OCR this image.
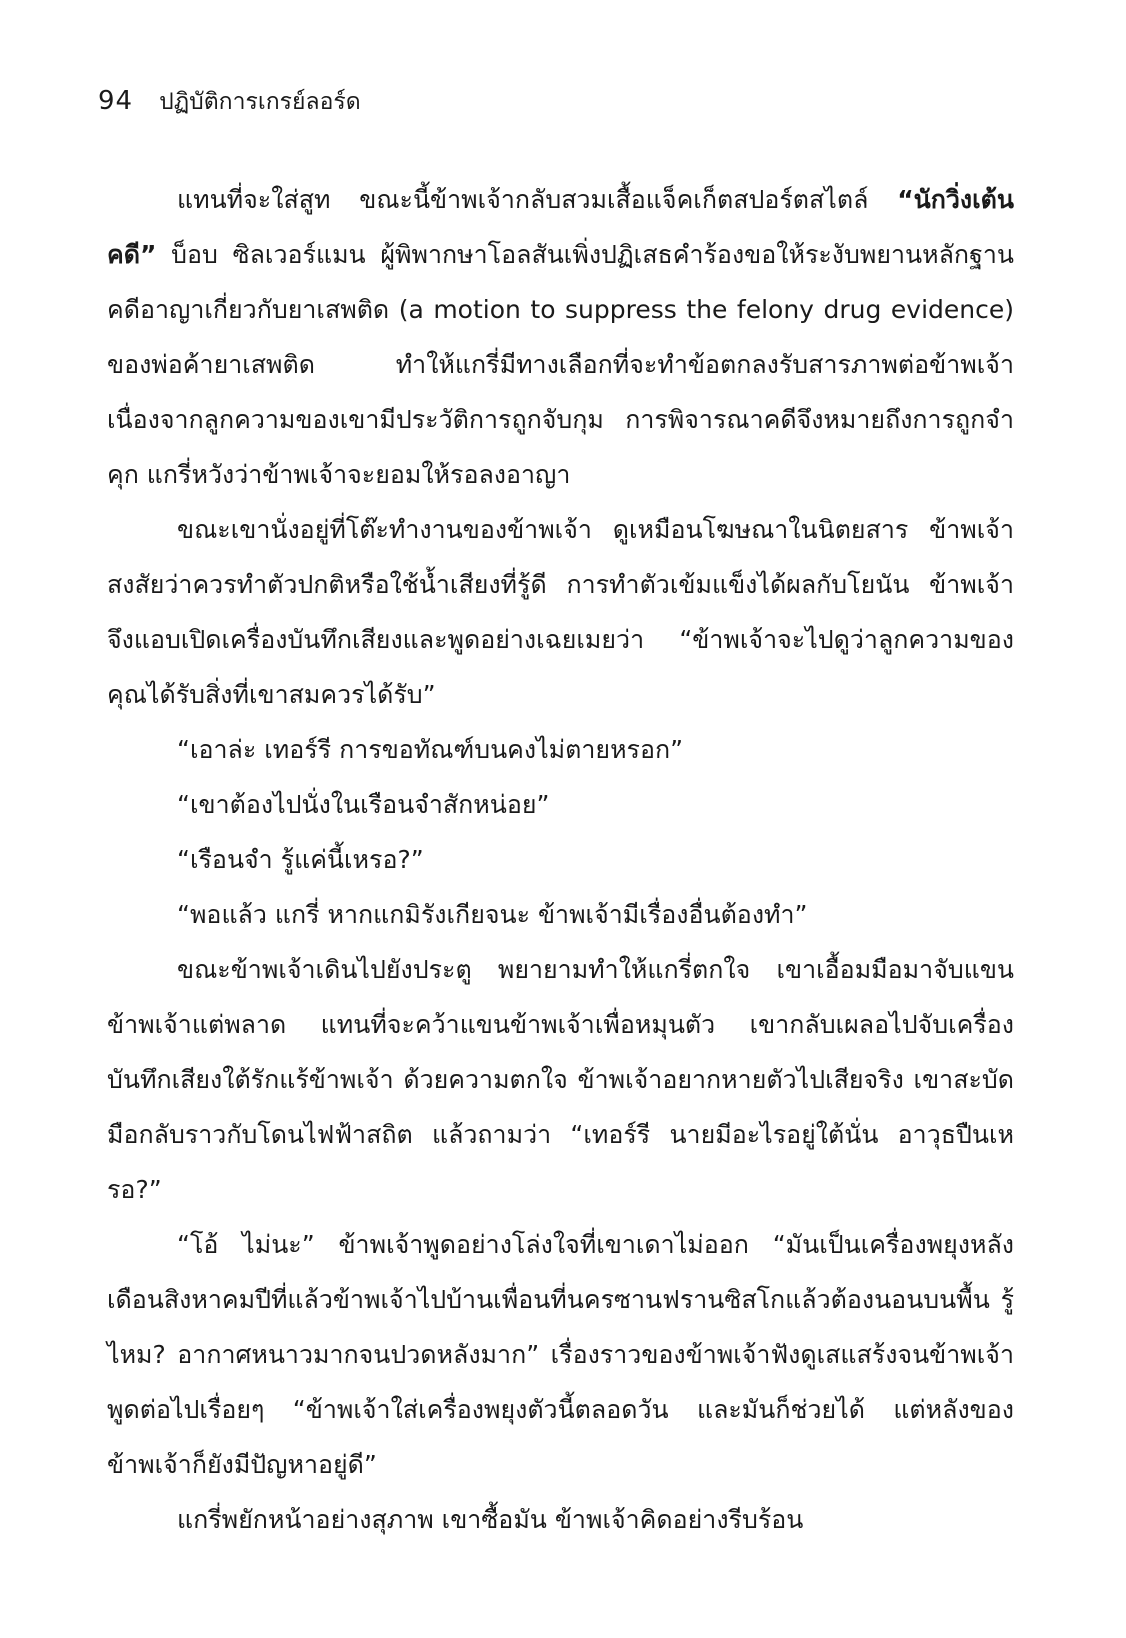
94 ปฏิบัติการเกรย์ลอร์ด

แทนที่จะใส่สูท ขณะนี้ข้าพเจ้ากลับสวมเสื้อแจ็คเก็ตสปอร์ตสไตล์ “นักวิ่งเต้นคดี” บ็อบ ซิลเวอร์แมน ผู้พิพากษาโอลสันเพิ่งปฏิเสธคำร้องขอให้ระงับพยานหลักฐานคดีอาญาเกี่ยวกับยาเสพติด (a motion to suppress the felony drug evidence) ของพ่อค้ายาเสพติด ทำให้แกรี่มีทางเลือกที่จะทำข้อตกลงรับสารภาพต่อข้าพเจ้า เนื่องจากลูกความของเขามีประวัติการถูกจับกุม การพิจารณาคดีจึงหมายถึงการถูกจำคุก แกรี่หวังว่าข้าพเจ้าจะยอมให้รอลงอาญา

ขณะเขานั่งอยู่ที่โต๊ะทำงานของข้าพเจ้า ดูเหมือนโฆษณาในนิตยสาร ข้าพเจ้าสงสัยว่าควรทำตัวปกติหรือใช้น้ำเสียงที่รู้ดี การทำตัวเข้มแข็งได้ผลกับโยนัน ข้าพเจ้าจึงแอบเปิดเครื่องบันทึกเสียงและพูดอย่างเฉยเมยว่า “ข้าพเจ้าจะไปดูว่าลูกความของคุณได้รับสิ่งที่เขาสมควรได้รับ”

“เอาล่ะ เทอร์รี การขอทัณฑ์บนคงไม่ตายหรอก”

“เขาต้องไปนั่งในเรือนจำสักหน่อย”

“เรือนจำ รู้แค่นี้เหรอ?”

“พอแล้ว แกรี่ หากแกมิรังเกียจนะ ข้าพเจ้ามีเรื่องอื่นต้องทำ”

ขณะข้าพเจ้าเดินไปยังประตู พยายามทำให้แกรี่ตกใจ เขาเอื้อมมือมาจับแขนข้าพเจ้าแต่พลาด แทนที่จะคว้าแขนข้าพเจ้าเพื่อหมุนตัว เขากลับเผลอไปจับเครื่องบันทึกเสียงใต้รักแร้ข้าพเจ้า ด้วยความตกใจ ข้าพเจ้าอยากหายตัวไปเสียจริง เขาสะบัดมือกลับราวกับโดนไฟฟ้าสถิต แล้วถามว่า “เทอร์รี นายมีอะไรอยู่ใต้นั่น อาวุธปืนเหรอ?”

“โอ้ ไม่นะ” ข้าพเจ้าพูดอย่างโล่งใจที่เขาเดาไม่ออก “มันเป็นเครื่องพยุงหลัง เดือนสิงหาคมปีที่แล้วข้าพเจ้าไปบ้านเพื่อนที่นครซานฟรานซิสโกแล้วต้องนอนบนพื้น รู้ไหม? อากาศหนาวมากจนปวดหลังมาก” เรื่องราวของข้าพเจ้าฟังดูเสแสร้งจนข้าพเจ้าพูดต่อไปเรื่อยๆ “ข้าพเจ้าใส่เครื่องพยุงตัวนี้ตลอดวัน และมันก็ช่วยได้ แต่หลังของข้าพเจ้าก็ยังมีปัญหาอยู่ดี”

แกรี่พยักหน้าอย่างสุภาพ เขาซื้อมัน ข้าพเจ้าคิดอย่างรีบร้อน
